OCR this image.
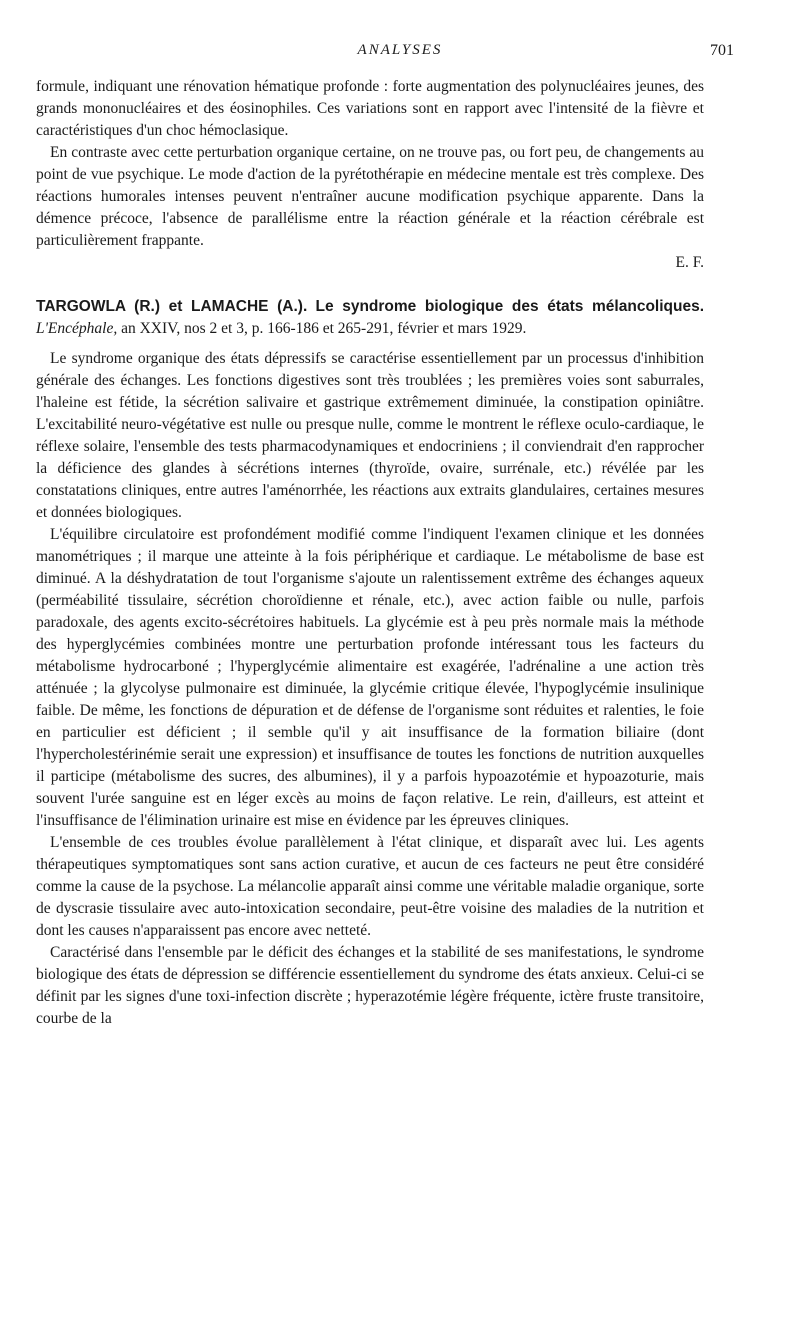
ANALYSES	701

formule, indiquant une rénovation hématique profonde : forte augmentation des polynucléaires jeunes, des grands mononucléaires et des éosinophiles. Ces variations sont en rapport avec l'intensité de la fièvre et caractéristiques d'un choc hémoclasique.

En contraste avec cette perturbation organique certaine, on ne trouve pas, ou fort peu, de changements au point de vue psychique. Le mode d'action de la pyrétothérapie en médecine mentale est très complexe. Des réactions humorales intenses peuvent n'entraîner aucune modification psychique apparente. Dans la démence précoce, l'absence de parallélisme entre la réaction générale et la réaction cérébrale est particulièrement frappante.

E. F.

TARGOWLA (R.) et LAMACHE (A.). Le syndrome biologique des états mélancoliques. L'Encéphale, an XXIV, nos 2 et 3, p. 166-186 et 265-291, février et mars 1929.

Le syndrome organique des états dépressifs se caractérise essentiellement par un processus d'inhibition générale des échanges. Les fonctions digestives sont très troublées ; les premières voies sont saburrales, l'haleine est fétide, la sécrétion salivaire et gastrique extrêmement diminuée, la constipation opiniâtre. L'excitabilité neuro-végétative est nulle ou presque nulle, comme le montrent le réflexe oculo-cardiaque, le réflexe solaire, l'ensemble des tests pharmacodynamiques et endocriniens ; il conviendrait d'en rapprocher la déficience des glandes à sécrétions internes (thyroïde, ovaire, surrénale, etc.) révélée par les constatations cliniques, entre autres l'aménorrhée, les réactions aux extraits glandulaires, certaines mesures et données biologiques.

L'équilibre circulatoire est profondément modifié comme l'indiquent l'examen clinique et les données manométriques ; il marque une atteinte à la fois périphérique et cardiaque. Le métabolisme de base est diminué. A la déshydratation de tout l'organisme s'ajoute un ralentissement extrême des échanges aqueux (perméabilité tissulaire, sécrétion choroïdienne et rénale, etc.), avec action faible ou nulle, parfois paradoxale, des agents excito-sécrétoires habituels. La glycémie est à peu près normale mais la méthode des hyperglycémies combinées montre une perturbation profonde intéressant tous les facteurs du métabolisme hydrocarboné ; l'hyperglycémie alimentaire est exagérée, l'adrénaline a une action très atténuée ; la glycolyse pulmonaire est diminuée, la glycémie critique élevée, l'hypoglycémie insulinique faible. De même, les fonctions de dépuration et de défense de l'organisme sont réduites et ralenties, le foie en particulier est déficient ; il semble qu'il y ait insuffisance de la formation biliaire (dont l'hypercholestérinémie serait une expression) et insuffisance de toutes les fonctions de nutrition auxquelles il participe (métabolisme des sucres, des albumines), il y a parfois hypoazotémie et hypoazoturie, mais souvent l'urée sanguine est en léger excès au moins de façon relative. Le rein, d'ailleurs, est atteint et l'insuffisance de l'élimination urinaire est mise en évidence par les épreuves cliniques.

L'ensemble de ces troubles évolue parallèlement à l'état clinique, et disparaît avec lui. Les agents thérapeutiques symptomatiques sont sans action curative, et aucun de ces facteurs ne peut être considéré comme la cause de la psychose. La mélancolie apparaît ainsi comme une véritable maladie organique, sorte de dyscrasie tissulaire avec auto-intoxication secondaire, peut-être voisine des maladies de la nutrition et dont les causes n'apparaissent pas encore avec netteté.

Caractérisé dans l'ensemble par le déficit des échanges et la stabilité de ses manifestations, le syndrome biologique des états de dépression se différencie essentiellement du syndrome des états anxieux. Celui-ci se définit par les signes d'une toxi-infection discrète ; hyperazotémie légère fréquente, ictère fruste transitoire, courbe de la
